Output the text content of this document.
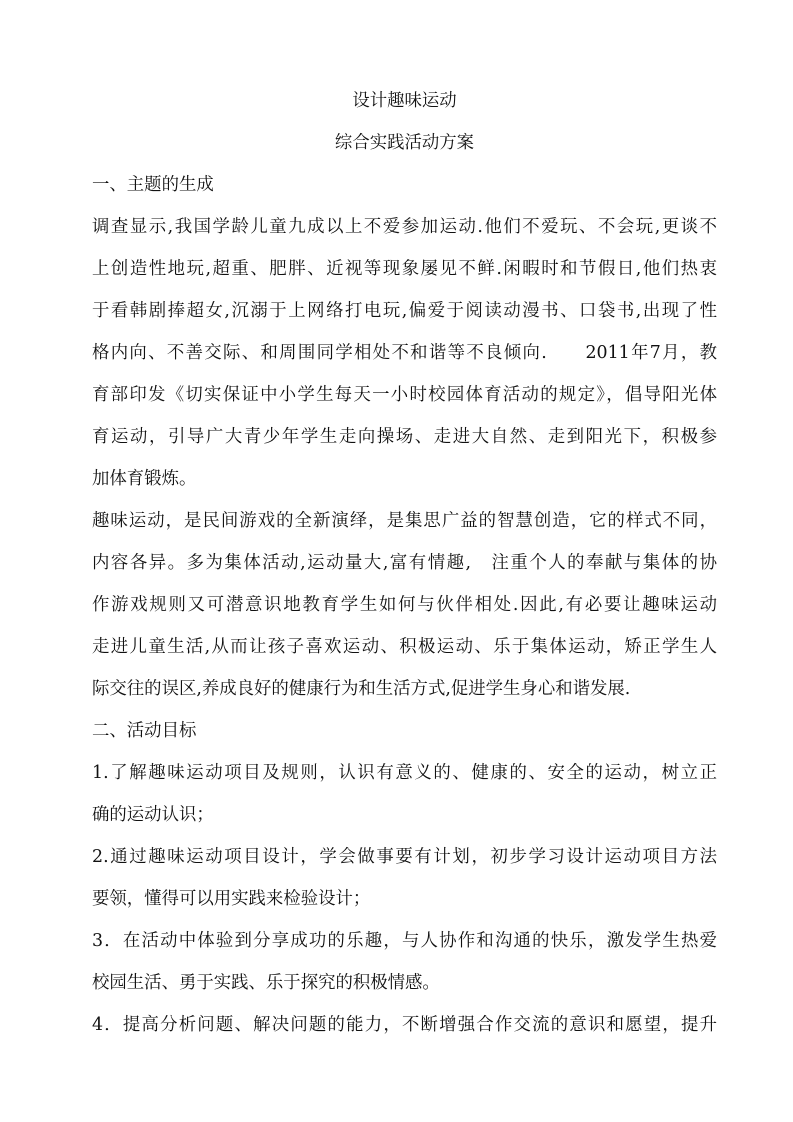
设计趣味运动
综合实践活动方案
一、主题的生成
调查显示,我国学龄儿童九成以上不爱参加运动.他们不爱玩、不会玩,更谈不
上创造性地玩,超重、肥胖、近视等现象屡见不鲜.闲暇时和节假日,他们热衷
于看韩剧捧超女,沉溺于上网络打电玩,偏爱于阅读动漫书、口袋书,出现了性
格内向、不善交际、和周围同学相处不和谐等不良倾向.　　2011年7月，教
育部印发《切实保证中小学生每天一小时校园体育活动的规定》，倡导阳光体
育运动，引导广大青少年学生走向操场、走进大自然、走到阳光下，积极参
加体育锻炼。
趣味运动，是民间游戏的全新演绎，是集思广益的智慧创造，它的样式不同，
内容各异。多为集体活动,运动量大,富有情趣,　注重个人的奉献与集体的协
作游戏规则又可潜意识地教育学生如何与伙伴相处.因此,有必要让趣味运动
走进儿童生活,从而让孩子喜欢运动、积极运动、乐于集体运动，矫正学生人
际交往的误区,养成良好的健康行为和生活方式,促进学生身心和谐发展.
二、活动目标
1.了解趣味运动项目及规则，认识有意义的、健康的、安全的运动，树立正
确的运动认识；
2.通过趣味运动项目设计，学会做事要有计划，初步学习设计运动项目方法
要领，懂得可以用实践来检验设计；
3．在活动中体验到分享成功的乐趣，与人协作和沟通的快乐，激发学生热爱
校园生活、勇于实践、乐于探究的积极情感。
4．提高分析问题、解决问题的能力，不断增强合作交流的意识和愿望，提升
